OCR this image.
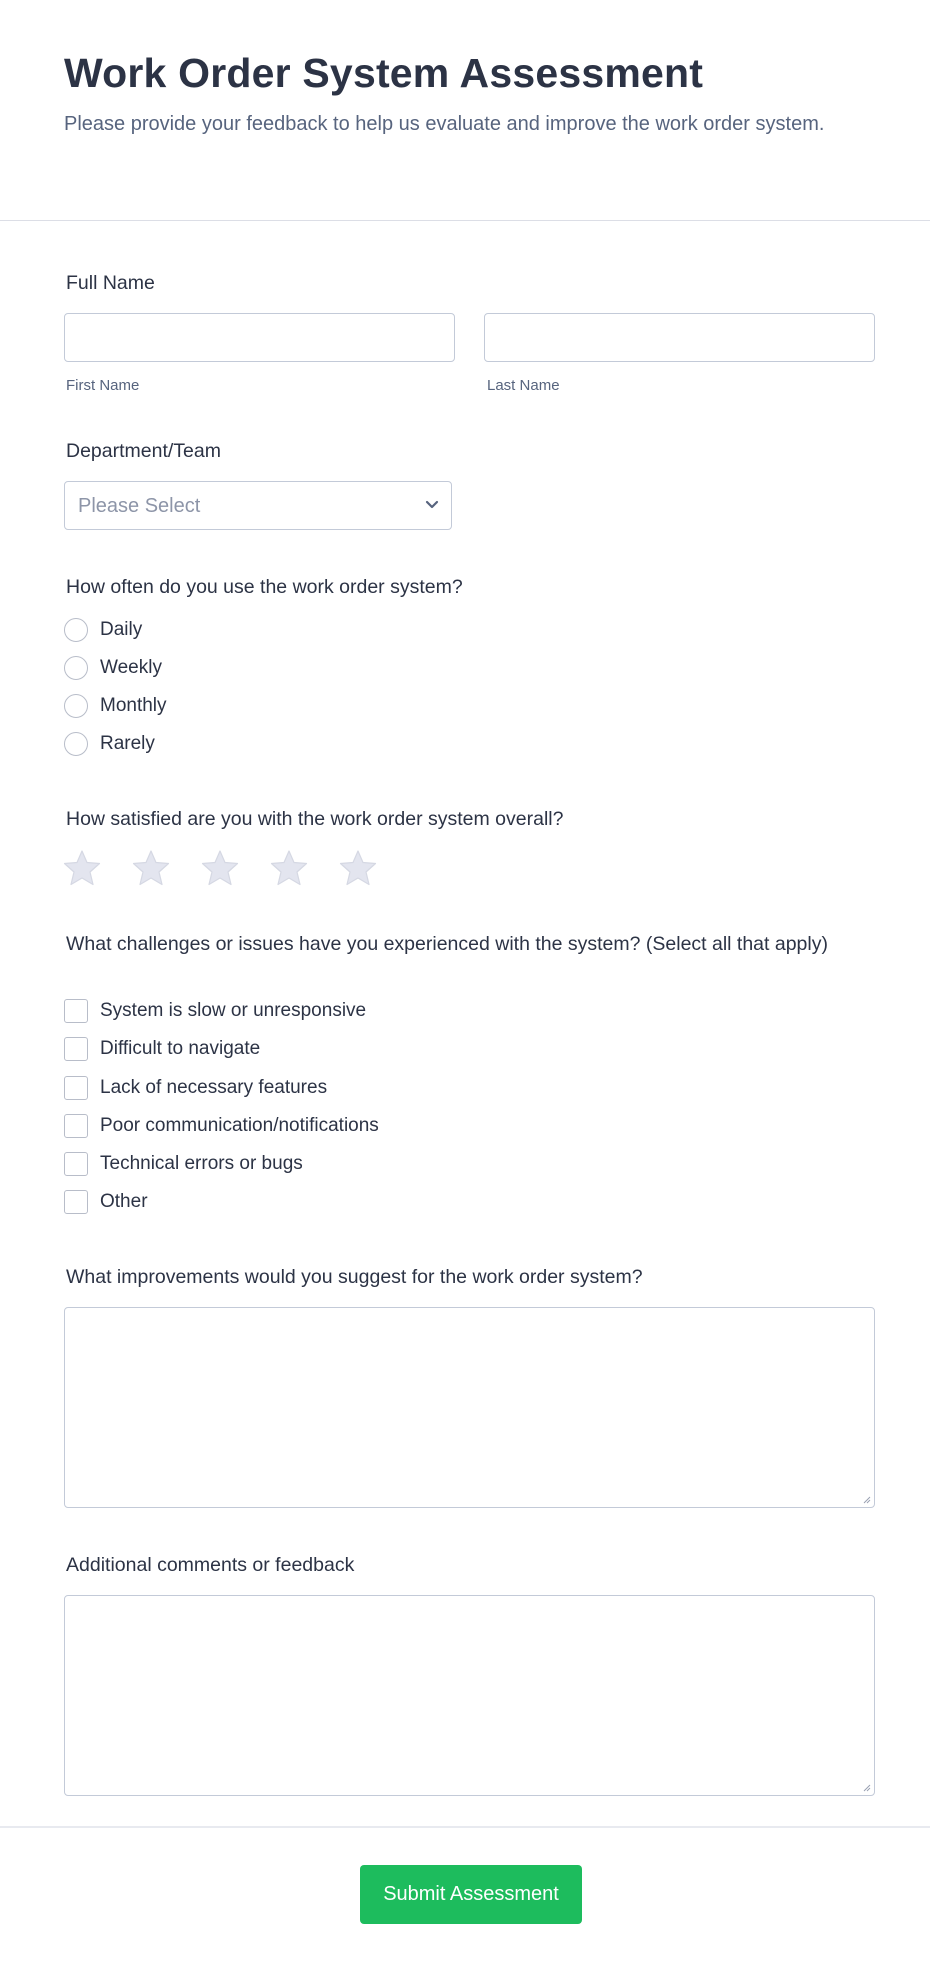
Work Order System Assessment
Please provide your feedback to help us evaluate and improve the work order system.
Full Name
First Name	Last Name
Department/Team
Please Select
How often do you use the work order system?
Daily
Weekly
Monthly
Rarely
How satisfied are you with the work order system overall?
What challenges or issues have you experienced with the system? (Select all that apply)
System is slow or unresponsive
Difficult to navigate
Lack of necessary features
Poor communication/notifications
Technical errors or bugs
Other
What improvements would you suggest for the work order system?
Additional comments or feedback
Submit Assessment
